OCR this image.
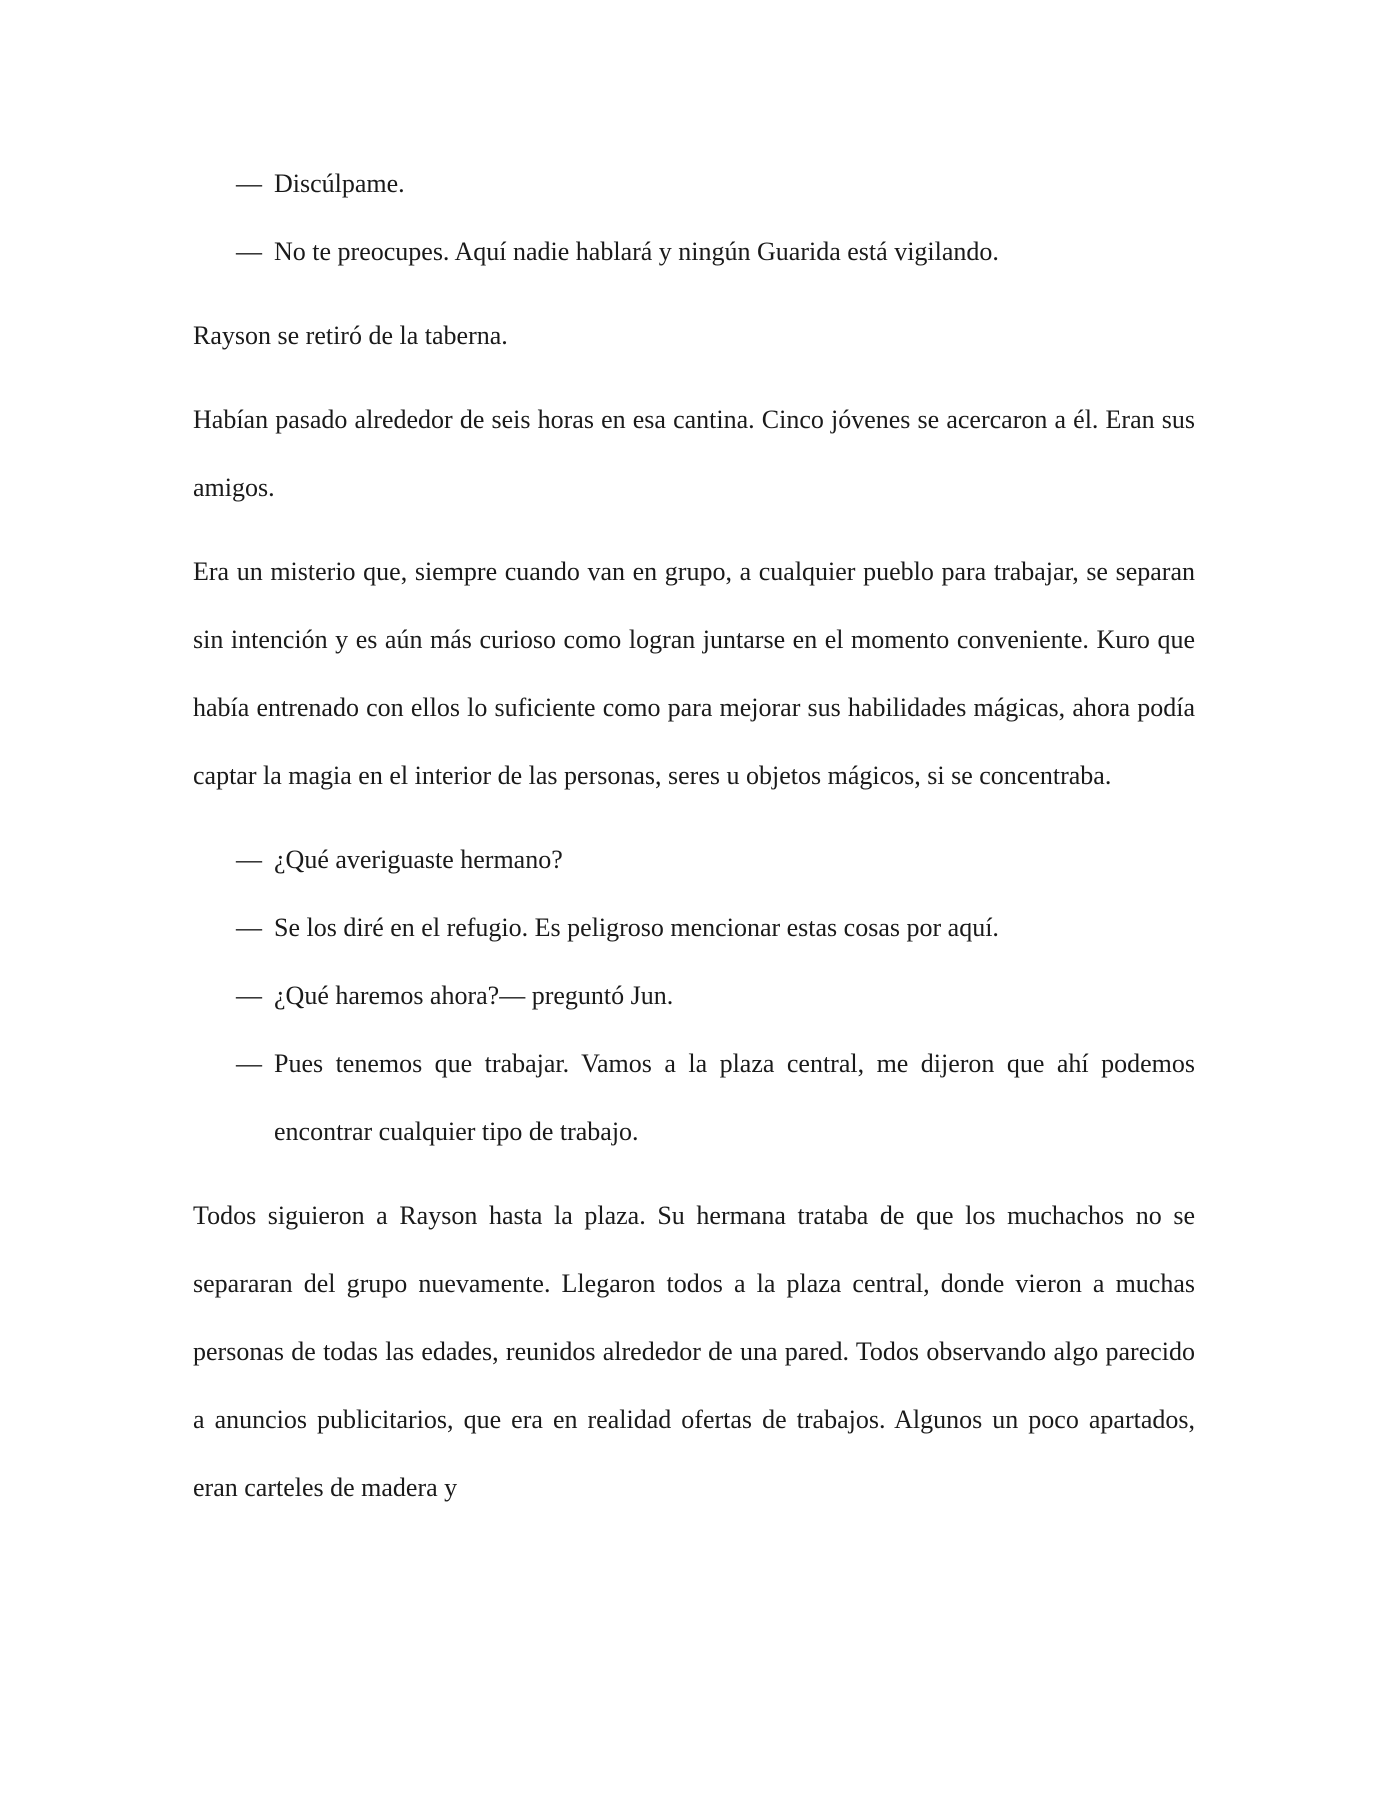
— Discúlpame.

— No te preocupes. Aquí nadie hablará y ningún Guarida está vigilando.

Rayson se retiró de la taberna.

Habían pasado alrededor de seis horas en esa cantina. Cinco jóvenes se acercaron a él. Eran sus amigos.

Era un misterio que, siempre cuando van en grupo, a cualquier pueblo para trabajar, se separan sin intención y es aún más curioso como logran juntarse en el momento conveniente. Kuro que había entrenado con ellos lo suficiente como para mejorar sus habilidades mágicas, ahora podía captar la magia en el interior de las personas, seres u objetos mágicos, si se concentraba.

— ¿Qué averiguaste hermano?

— Se los diré en el refugio. Es peligroso mencionar estas cosas por aquí.

— ¿Qué haremos ahora?— preguntó Jun.

— Pues tenemos que trabajar. Vamos a la plaza central, me dijeron que ahí podemos encontrar cualquier tipo de trabajo.

Todos siguieron a Rayson hasta la plaza. Su hermana trataba de que los muchachos no se separaran del grupo nuevamente. Llegaron todos a la plaza central, donde vieron a muchas personas de todas las edades, reunidos alrededor de una pared. Todos observando algo parecido a anuncios publicitarios, que era en realidad ofertas de trabajos. Algunos un poco apartados, eran carteles de madera y
